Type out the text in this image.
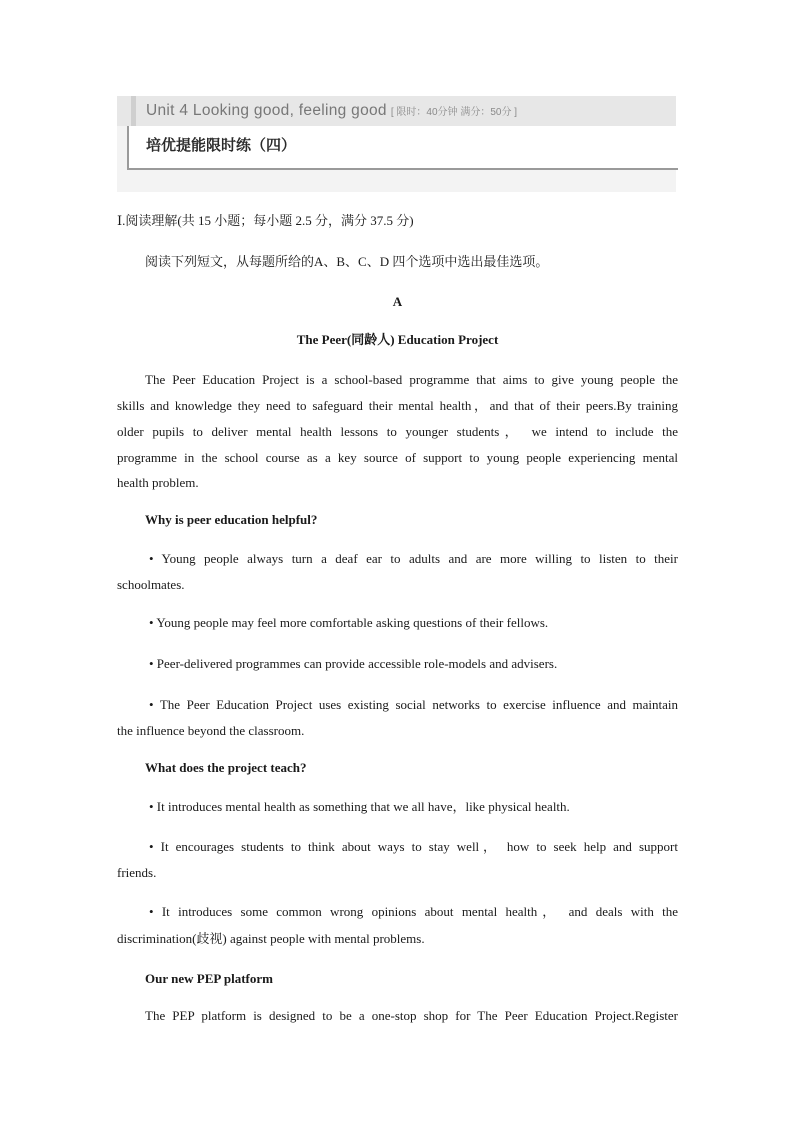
Unit 4 Looking good, feeling good [ 限时：40分钟 满分：50分 ]
培优提能限时练（四）
Ⅰ.阅读理解(共 15 小题；每小题 2.5 分，满分 37.5 分)
阅读下列短文，从每题所给的A、B、C、D 四个选项中选出最佳选项。
A
The Peer(同龄人) Education Project
The Peer Education Project is a school-based programme that aims to give young people the
skills and knowledge they need to safeguard their mental health，and that of their peers.By training
older pupils to deliver mental health lessons to younger students， we intend to include the
programme in the school course as a key source of support to young people experiencing mental
health problem.
Why is peer education helpful?
• Young people always turn a deaf ear to adults and are more willing to listen to their
schoolmates.
• Young people may feel more comfortable asking questions of their fellows.
• Peer-delivered programmes can provide accessible role-models and advisers.
• The Peer Education Project uses existing social networks to exercise influence and maintain
the influence beyond the classroom.
What does the project teach?
• It introduces mental health as something that we all have，like physical health.
• It encourages students to think about ways to stay well， how to seek help and support
friends.
• It introduces some common wrong opinions about mental health， and deals with the
discrimination(歧视) against people with mental problems.
Our new PEP platform
The PEP platform is designed to be a one-stop shop for The Peer Education Project.Register
